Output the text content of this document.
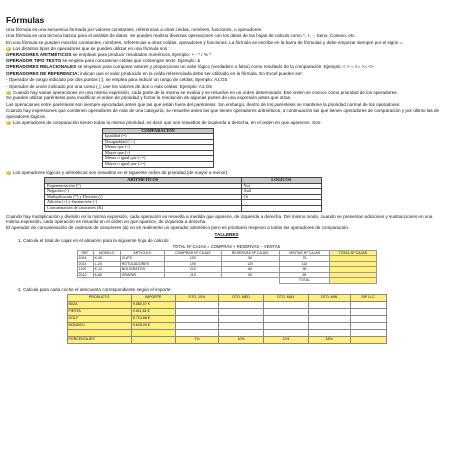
Fórmulas

Una fórmula es una secuencia formada por valores constantes, referencias a otras celdas, nombres, funciones, u operadores.

Una fórmula es una técnica básica para el análisis de datos. Se pueden realizar diversas operaciones con los datos de las hojas de cálculo como *, +, -, Seno, Coseno, etc.

En una fórmula se pueden mezclar constantes, nombres, referencias a otras celdas, operadores y funciones. La fórmula se escribe en la barra de fórmulas y debe empezar siempre por el signo =.

Los distintos tipos de operadores que se pueden utilizar en una fórmula son :

OPERADORES ARITMÉTICOS se emplean para producir resultados numéricos. Ejemplo: + - * / % ^

OPERADOR TIPO TEXTO se emplea para concatenar celdas que contengan texto. Ejemplo: &

OPERADORES RELACIONALES se emplean para comparar valores y proporcionar un valor lógico (verdadero o falso) como resultado de la comparación. Ejemplo: < > = <= >= <>

OPERADORES DE REFERENCIA: indican que el valor producido en la celda referenciada debe ser utilizado en la fórmula. En Excel pueden ser:

- Operador de rango indicado por dos puntos (:), se emplea para indicar un rango de celdas. Ejemplo: A1:G5

- Operador de unión indicado por una coma (,), une los valores de dos o más celdas. Ejemplo: A1,G5

Cuando hay varias operaciones en una misma expresión, cada parte de la misma se evalúa y se resuelve en un orden determinado. Ese orden se conoce como prioridad de los operadores.

Se pueden utilizar paréntesis para modificar el orden de prioridad y forzar la resolución de algunas partes de una expresión antes que otras.

Las operaciones entre paréntesis son siempre ejecutadas antes que las que están fuera del paréntesis. Sin embargo, dentro de los paréntesis se mantiene la prioridad normal de los operadores.

Cuando hay expresiones que contienen operadores de más de una categoría, se resuelve antes las que tienen operadores aritméticos, a continuación las que tienen operadores de comparación y por último las de operadores lógicos.

Los operadores de comparación tienen todas la misma prioridad, es decir que son resueltos de izquierda a derecha, en el orden en que aparecen. Son:
COMPARACIÓN
Igualdad (=)
Desigualdad (<>)
Menor que (<)
Mayor que (>)
Menor o igual que (<=)
Mayor o igual que (>=)
Los operadores lógicos y aritméticos son resueltos en el siguiente orden de prioridad (de mayor a menor):
ARITMÉTICOS	LÓGICOS
Exponenciación (^)	Not
Negación (-)	And
Multiplicación (*) y División (/)	Or
Adición (+) y Sustracción (-)	
Concatenación de caracteres (&)	

Cuando hay multiplicación y división en la misma expresión, cada operación es resuelta a medida que aparece, de izquierda a derecha. Del mismo modo, cuando se presentan adiciones y sustracciones en una misma expresión, cada operación es resuelta en el orden en que aparece, de izquierda a derecha.

El operador de concatenación de cadenas de caracteres (&) no es realmente un operador aritmético pero es prioritario respecto a todos los operadores de comparación.

TALLERES

1. Calcula el total de cajas en el almacén para la siguiente hoja de cálculo:

TOTAL Nº CAJAS = COMPRAS + RESERVAS − VENTAS

REF	MODELO	ARTÍCULO	COMPRAS Nº CAJAS	RESERVAS Nº CAJAS	VENTAS Nº CAJAS	TOTAL Nº CAJAS
1024	K-40	CLIPS	100	50	75	
2014	L-25	ROTULADORES	190	120	110	
1100	K-12	BOLÍGRAFOS	210	80	90	
2012	K-80	GRAPAS	110	50	65	
					TOTAL	
2. Calcula para cada coche el descuento correspondiente según el importe:
PRODUCTO	IMPORTE	DTO. 10%	DTO. MED	DTO. MAX	DTO. MIN	SIP LLC
IBIZA	9.580,07 €					
FIESTA	9.811,84 €					
GOLF	8.714,68 €					
MONDEO	9.625,00 €					

PORCENTAJES		7%	10%	11%	18%	
